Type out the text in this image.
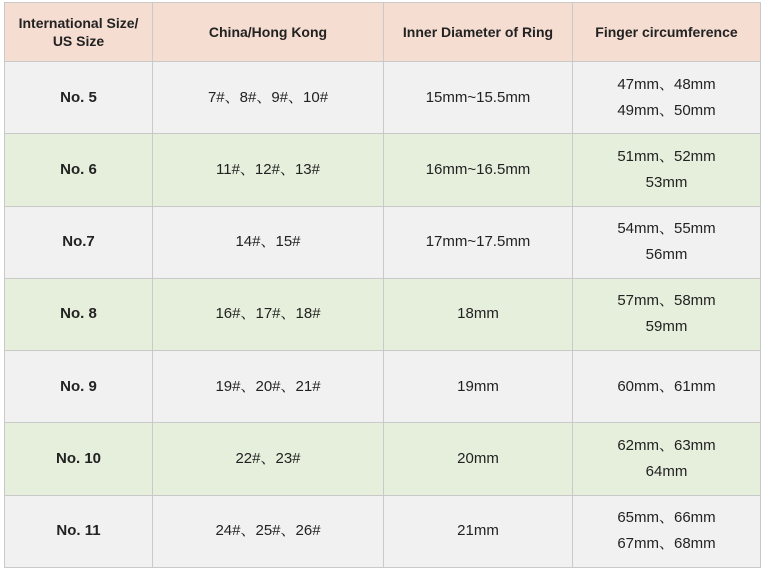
International Size/
US Size	China/Hong Kong	Inner Diameter of Ring	Finger circumference
No. 5	7#、8#、9#、10#	15mm~15.5mm	47mm、48mm
49mm、50mm

No. 6	11#、12#、13#	16mm~16.5mm	51mm、52mm
53mm

No.7	14#、15#	17mm~17.5mm	54mm、55mm
56mm

No. 8	16#、17#、18#	18mm	57mm、58mm
59mm

No. 9	19#、20#、21#	19mm	60mm、61mm

No. 10	22#、23#	20mm	62mm、63mm
64mm

No. 11	24#、25#、26#	21mm	65mm、66mm
67mm、68mm
